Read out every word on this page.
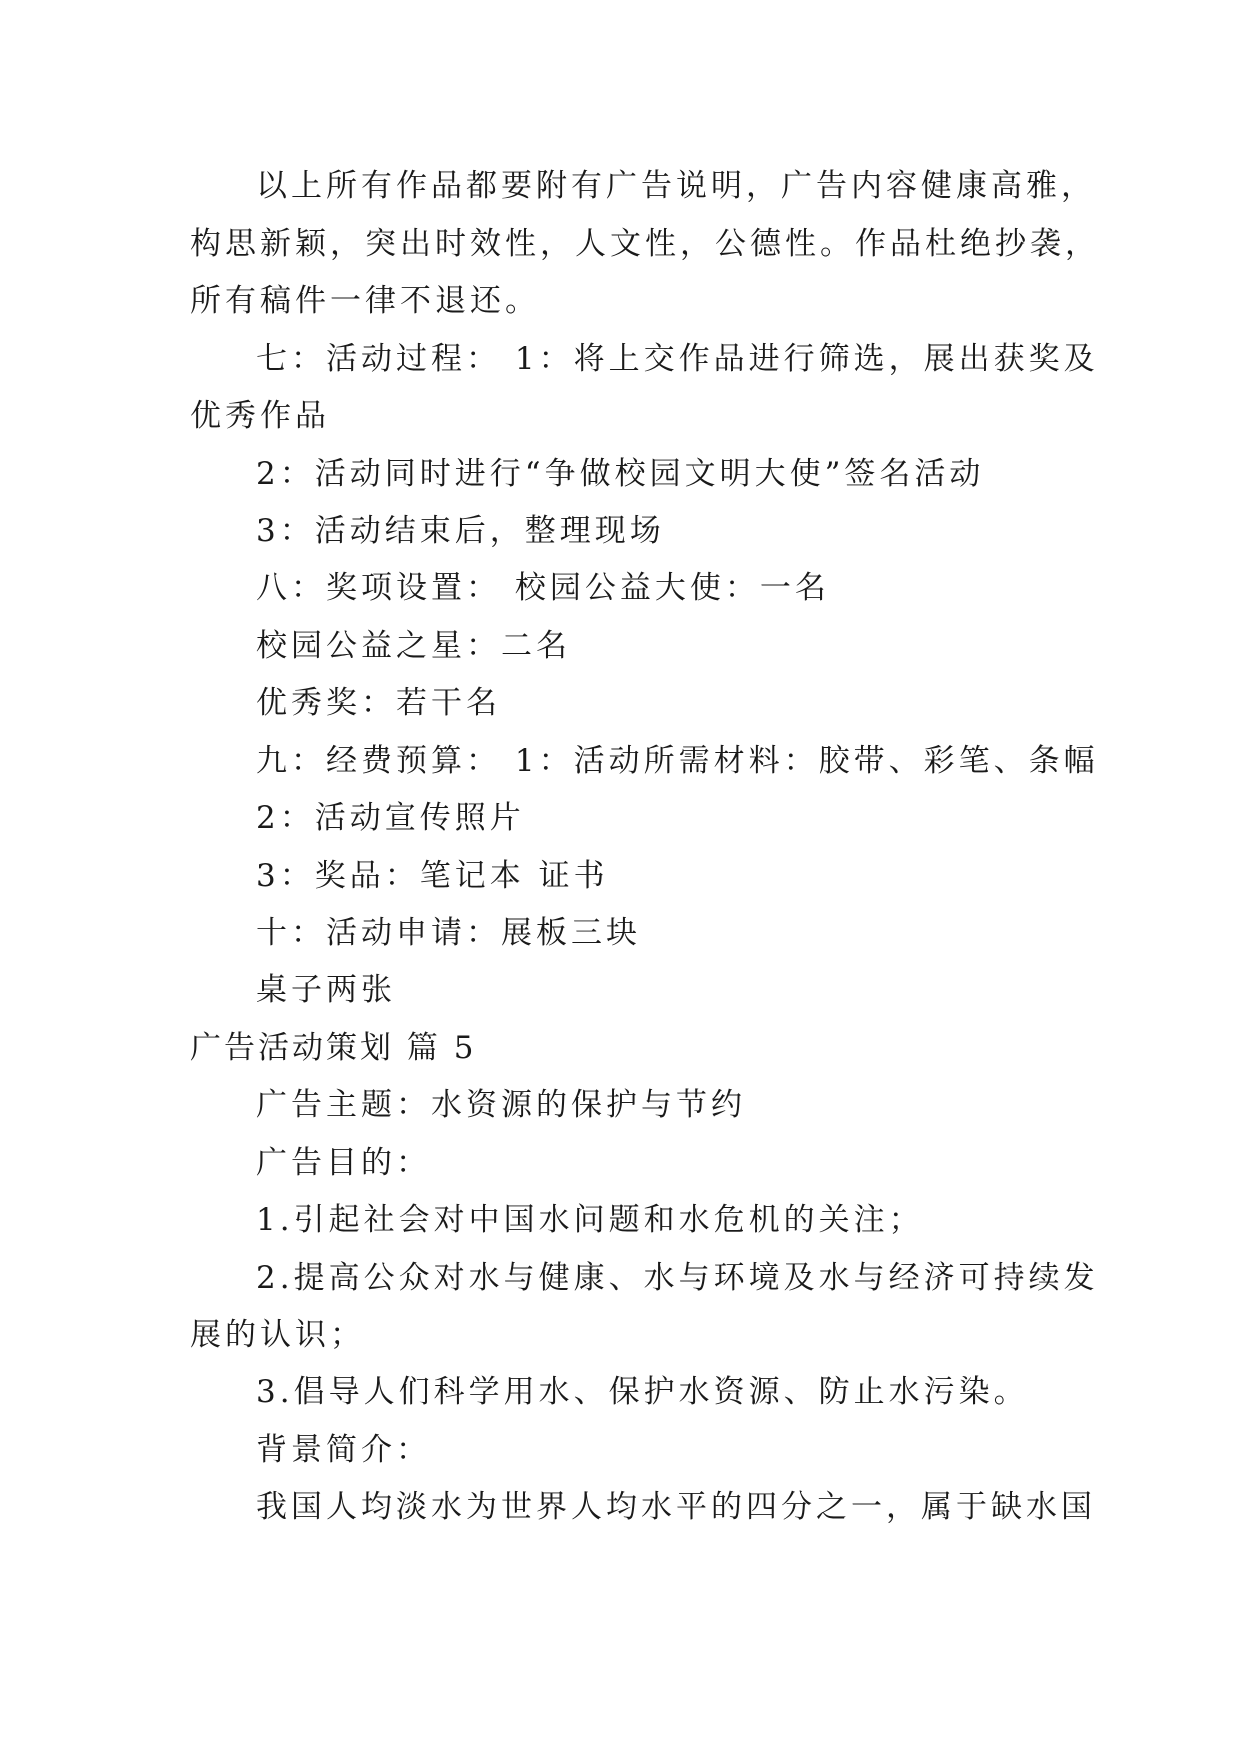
以上所有作品都要附有广告说明，广告内容健康高雅，
构思新颖，突出时效性，人文性，公德性。作品杜绝抄袭，
所有稿件一律不退还。
七：活动过程： 1：将上交作品进行筛选，展出获奖及
优秀作品
2：活动同时进行“争做校园文明大使”签名活动
3：活动结束后，整理现场
八：奖项设置： 校园公益大使：一名
校园公益之星：二名
优秀奖：若干名
九：经费预算： 1：活动所需材料：胶带、彩笔、条幅
2：活动宣传照片
3：奖品：笔记本 证书
十：活动申请：展板三块
桌子两张
广告活动策划 篇 5
广告主题：水资源的保护与节约
广告目的：
1.引起社会对中国水问题和水危机的关注；
2.提高公众对水与健康、水与环境及水与经济可持续发
展的认识；
3.倡导人们科学用水、保护水资源、防止水污染。
背景简介：
我国人均淡水为世界人均水平的四分之一，属于缺水国
